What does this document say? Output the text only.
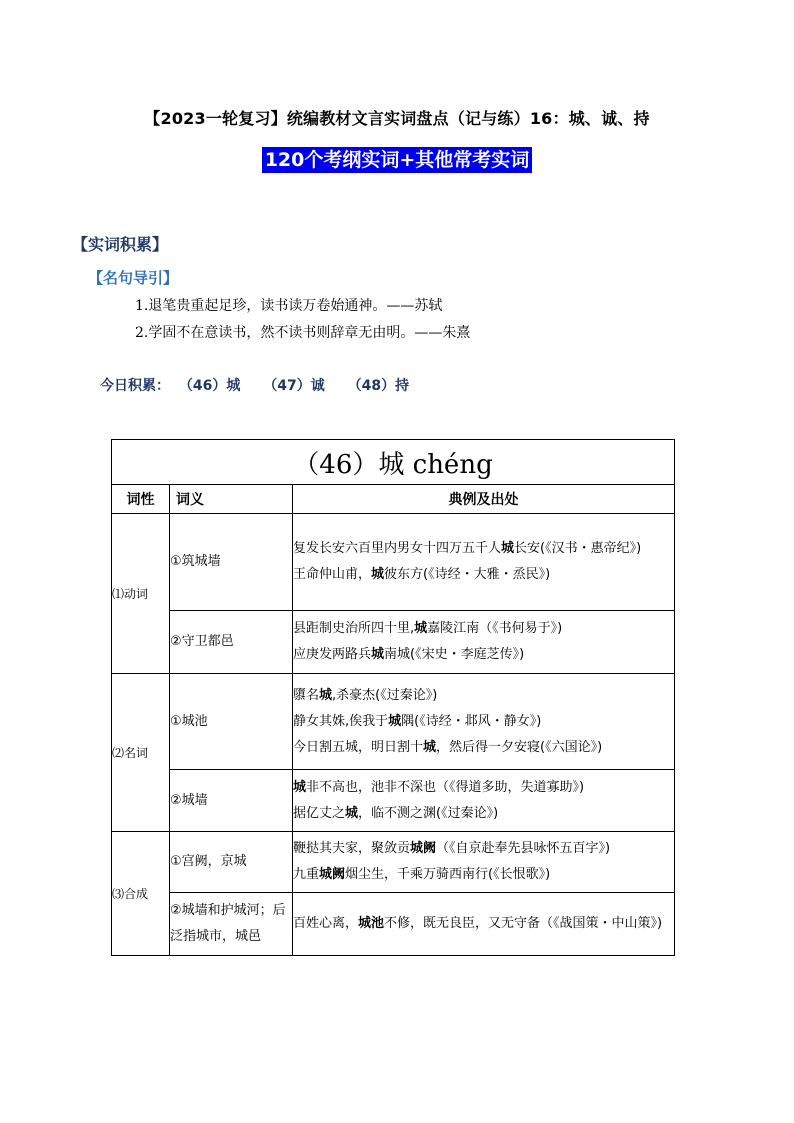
【2023一轮复习】统编教材文言实词盘点（记与练）16：城、诚、持
120个考纲实词+其他常考实词
【实词积累】
【名句导引】
1.退笔贵重起足珍，读书读万卷始通神。——苏轼
2.学固不在意读书，然不读书则辞章无由明。——朱熹
今日积累： （46）城 （47）诚 （48）持
（46）城 chéng		
词性	词义	典例及出处
⑴动词	①筑城墙	复发长安六百里内男女十四万五千人城长安(《汉书・惠帝纪》)
王命仲山甫，城彼东方(《诗经・大雅・烝民》)

	②守卫都邑	县距制史治所四十里,城嘉陵江南（《书何易于》)
应庚发两路兵城南城(《宋史・李庭芝传》)

⑵名词	①城池	隳名城,杀豪杰(《过秦论》)
静女其姝,俟我于城隅(《诗经・邶风・静女》)
今日割五城，明日割十城，然后得一夕安寝(《六国论》)

	②城墙	城非不高也，池非不深也（《得道多助，失道寡助》)
据亿丈之城，临不测之渊(《过秦论》)

⑶合成	①宫阙，京城	鞭挞其夫家，聚敛贡城阙（《自京赴奉先县咏怀五百字》)
九重城阙烟尘生，千乘万骑西南行(《长恨歌》)

	②城墙和护城河；后泛指城市，城邑	百姓心离，城池不修，既无良臣，又无守备（《战国策・中山策》)
